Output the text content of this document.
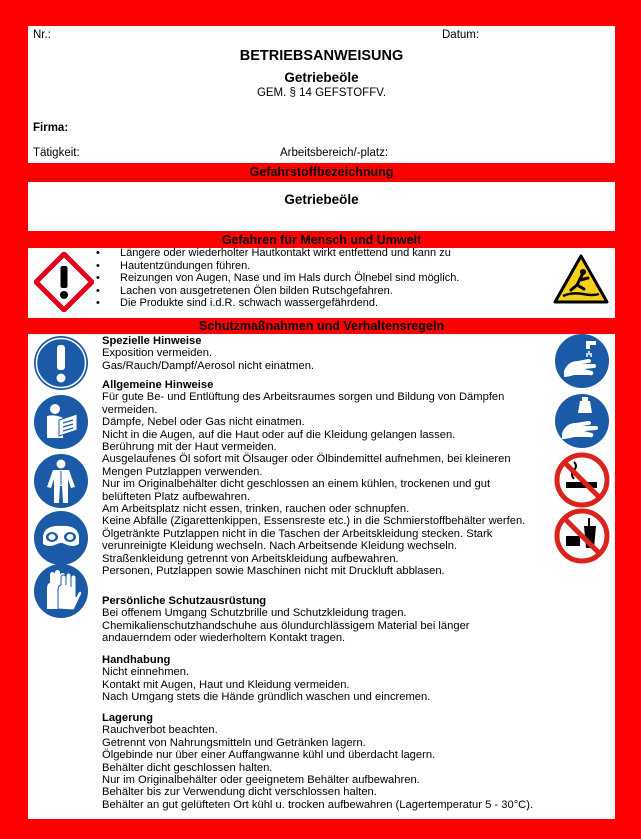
Nr.:	Datum:
BETRIEBSANWEISUNG
Getriebeöle
GEM. § 14 GEFSTOFFV.
Firma:
Tätigkeit:	Arbeitsbereich/-platz:
Gefahrstoffbezeichnung
Getriebeöle
Gefahren für Mensch und Umwelt
• Längere oder wiederholter Hautkontakt wirkt entfettend und kann zu
• Hautentzündungen führen.
• Reizungen von Augen, Nase und im Hals durch Ölnebel sind möglich.
• Lachen von ausgetretenen Ölen bilden Rutschgefahren.
• Die Produkte sind i.d.R. schwach wassergefährdend.
Schutzmaßnahmen und Verhaltensregeln
Spezielle Hinweise
Exposition vermeiden.
Gas/Rauch/Dampf/Aerosol nicht einatmen.
Allgemeine Hinweise
Für gute Be- und Entlüftung des Arbeitsraumes sorgen und Bildung von Dämpfen
vermeiden.
Dämpfe, Nebel oder Gas nicht einatmen.
Nicht in die Augen, auf die Haut oder auf die Kleidung gelangen lassen.
Berührung mit der Haut vermeiden.
Ausgelaufenes Öl sofort mit Ölsauger oder Ölbindemittel aufnehmen, bei kleineren
Mengen Putzlappen verwenden.
Nur im Originalbehälter dicht geschlossen an einem kühlen, trockenen und gut
belüfteten Platz aufbewahren.
Am Arbeitsplatz nicht essen, trinken, rauchen oder schnupfen.
Keine Abfälle (Zigarettenkippen, Essensreste etc.) in die Schmierstoffbehälter werfen.
Ölgetränkte Putzlappen nicht in die Taschen der Arbeitskleidung stecken. Stark
verunreinigte Kleidung wechseln. Nach Arbeitsende Kleidung wechseln.
Straßenkleidung getrennt von Arbeitskleidung aufbewahren.
Personen, Putzlappen sowie Maschinen nicht mit Druckluft abblasen.
Persönliche Schutzausrüstung
Bei offenem Umgang Schutzbrille und Schutzkleidung tragen.
Chemikalienschutzhandschuhe aus ölundurchlässigem Material bei länger
andauerndem oder wiederholtem Kontakt tragen.
Handhabung
Nicht einnehmen.
Kontakt mit Augen, Haut und Kleidung vermeiden.
Nach Umgang stets die Hände gründlich waschen und eincremen.
Lagerung
Rauchverbot beachten.
Getrennt von Nahrungsmitteln und Getränken lagern.
Ölgebinde nur über einer Auffangwanne kühl und überdacht lagern.
Behälter dicht geschlossen halten.
Nur im Originalbehälter oder geeignetem Behälter aufbewahren.
Behälter bis zur Verwendung dicht verschlossen halten.
Behälter an gut gelüfteten Ort kühl u. trocken aufbewahren (Lagertemperatur 5 - 30°C).
